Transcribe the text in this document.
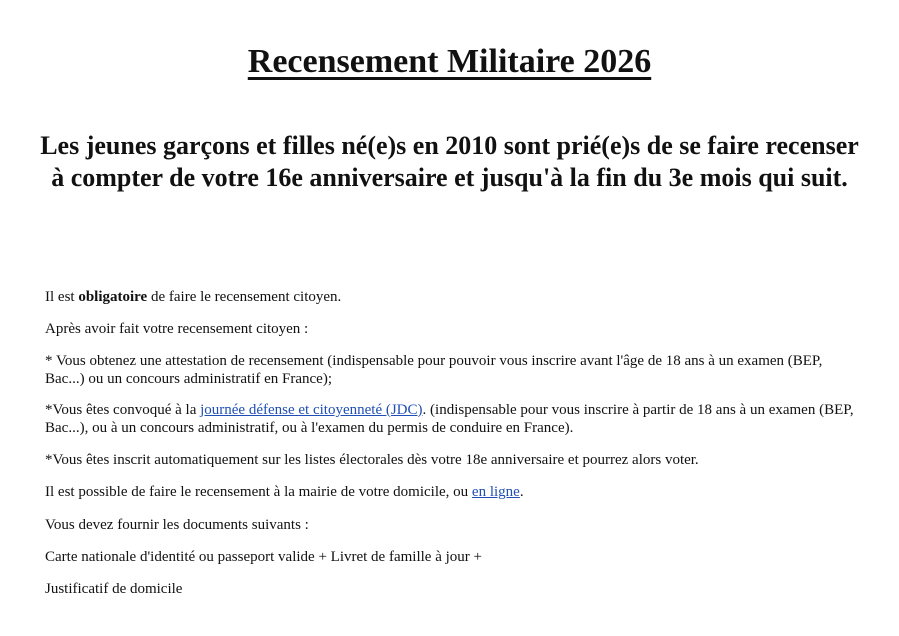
Recensement Militaire 2026

Les jeunes garçons et filles né(e)s en 2010 sont prié(e)s de se faire recenser à compter de votre 16e anniversaire et jusqu'à la fin du 3e mois qui suit.

Il est obligatoire de faire le recensement citoyen.

Après avoir fait votre recensement citoyen :

* Vous obtenez une attestation de recensement (indispensable pour pouvoir vous inscrire avant l'âge de 18 ans à un examen (BEP, Bac...) ou un concours administratif en France);

*Vous êtes convoqué à la journée défense et citoyenneté (JDC). (indispensable pour vous inscrire à partir de 18 ans à un examen (BEP, Bac...), ou à un concours administratif, ou à l'examen du permis de conduire en France).

*Vous êtes inscrit automatiquement sur les listes électorales dès votre 18e anniversaire et pourrez alors voter.

Il est possible de faire le recensement à la mairie de votre domicile, ou en ligne.

Vous devez fournir les documents suivants :

Carte nationale d'identité ou passeport valide + Livret de famille à jour +

Justificatif de domicile
